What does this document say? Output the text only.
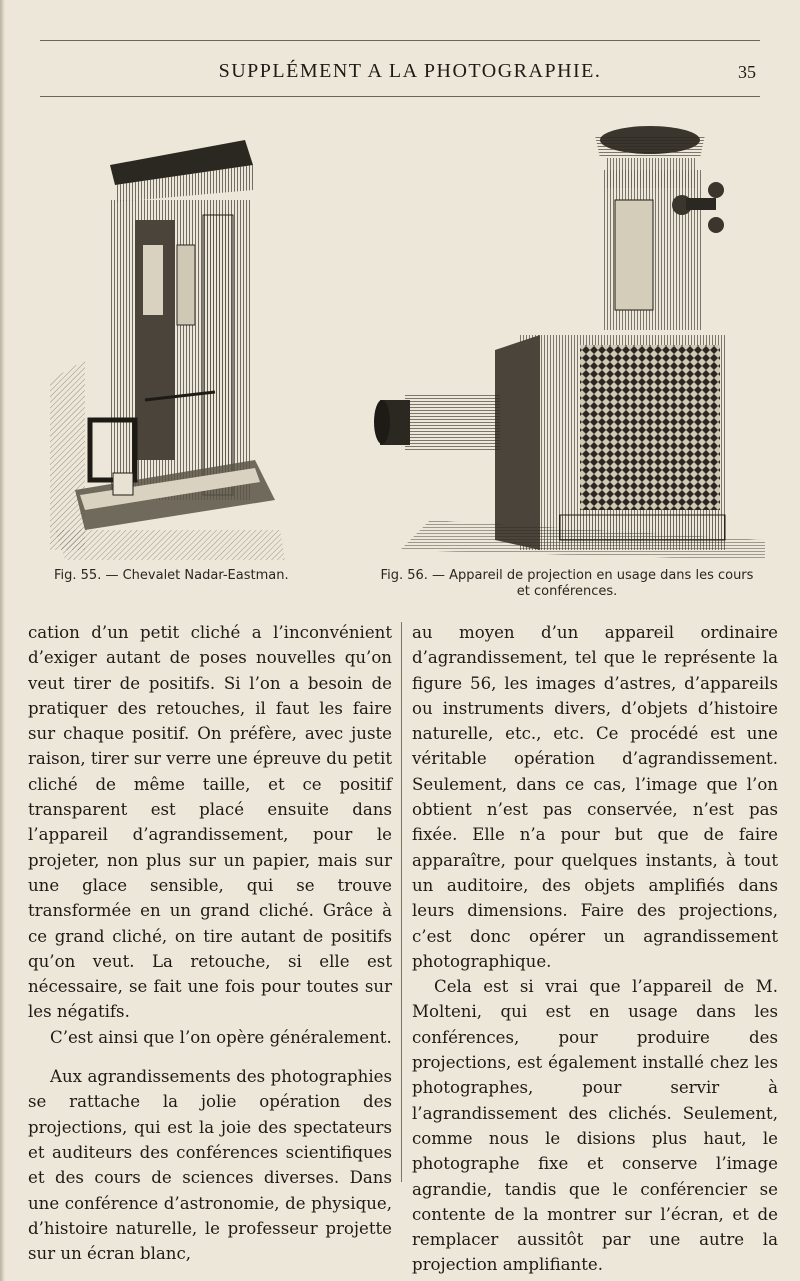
SUPPLÉMENT A LA PHOTOGRAPHIE.	35
Fig. 55. — Chevalet Nadar-Eastman.	Fig. 56. — Appareil de projection en usage dans les cours
et conférences.

cation d’un petit cliché a l’inconvénient d’exiger autant de poses nouvelles qu’on veut tirer de positifs. Si l’on a besoin de pratiquer des retouches, il faut les faire sur chaque positif. On préfère, avec juste raison, tirer sur verre une épreuve du petit cliché de même taille, et ce positif transparent est placé ensuite dans l’appareil d’agrandissement, pour le projeter, non plus sur un papier, mais sur une glace sensible, qui se trouve transformée en un grand cliché. Grâce à ce grand cliché, on tire autant de positifs qu’on veut. La retouche, si elle est nécessaire, se fait une fois pour toutes sur les négatifs.

C’est ainsi que l’on opère généralement.

Aux agrandissements des photographies se rattache la jolie opération des projections, qui est la joie des spectateurs et auditeurs des conférences scientifiques et des cours de sciences diverses. Dans une conférence d’astronomie, de physique, d’histoire naturelle, le professeur projette sur un écran blanc,

au moyen d’un appareil ordinaire d’agrandissement, tel que le représente la figure 56, les images d’astres, d’appareils ou instruments divers, d’objets d’histoire naturelle, etc., etc. Ce procédé est une véritable opération d’agrandissement. Seulement, dans ce cas, l’image que l’on obtient n’est pas conservée, n’est pas fixée. Elle n’a pour but que de faire apparaître, pour quelques instants, à tout un auditoire, des objets amplifiés dans leurs dimensions. Faire des projections, c’est donc opérer un agrandissement photographique.

Cela est si vrai que l’appareil de M. Molteni, qui est en usage dans les conférences, pour produire des projections, est également installé chez les photographes, pour servir à l’agrandissement des clichés. Seulement, comme nous le disions plus haut, le photographe fixe et conserve l’image agrandie, tandis que le conférencier se contente de la montrer sur l’écran, et de remplacer aussitôt par une autre la projection amplifiante.
